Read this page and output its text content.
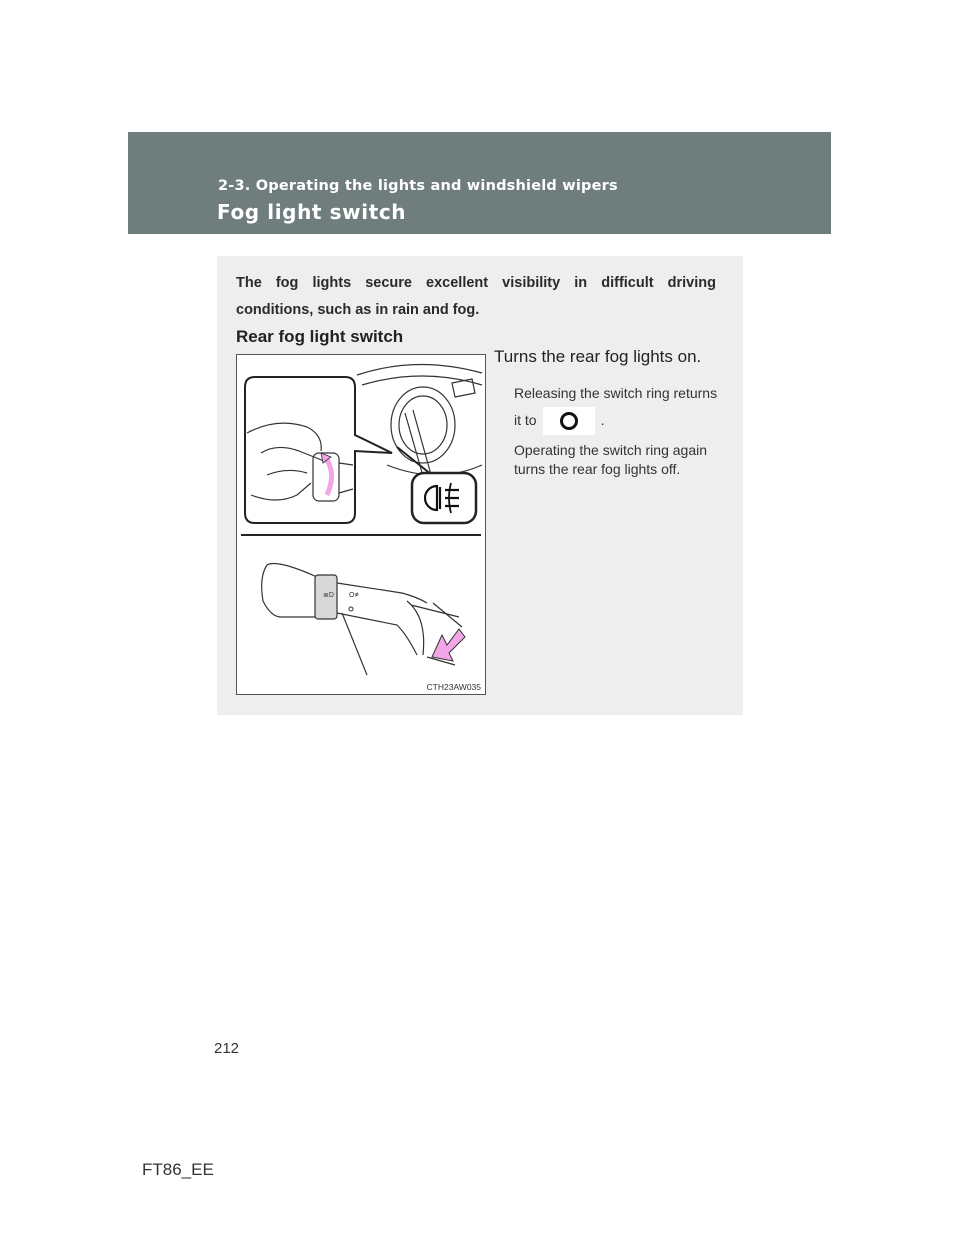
2-3. Operating the lights and windshield wipers
Fog light switch
The fog lights secure excellent visibility in difficult driving conditions, such as in rain and fog.
Rear fog light switch
≣D O≢
CTH23AW035

Turns the rear fog lights on.

Releasing the switch ring returns it to	.

Operating the switch ring again turns the rear fog lights off.

212
FT86_EE
